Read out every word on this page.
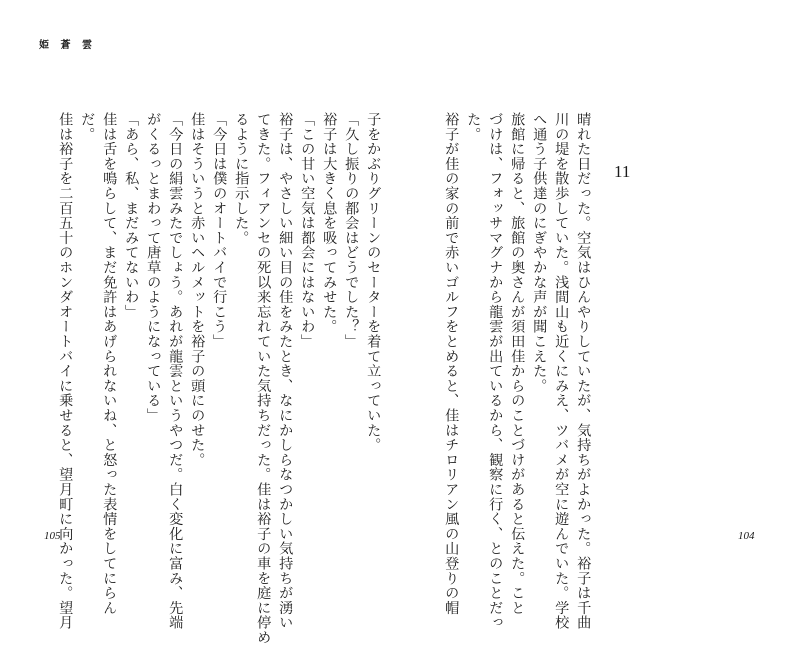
姫 蒼 雲
子をかぶりグリーンのセーターを着て立っていた。
「久し振りの都会はどうでした？」
裕子は大きく息を吸ってみせた。
「この甘い空気は都会にはないわ」
裕子は、やさしい細い目の佳をみたとき、なにかしらなつかしい気持ちが湧い
てきた。フィアンセの死以来忘れていた気持ちだった。佳は裕子の車を庭に停め
るように指示した。
「今日は僕のオートバイで行こう」
佳はそういうと赤いヘルメットを裕子の頭にのせた。
「今日の絹雲みたでしょう。あれが龍雲というやつだ。白く変化に富み、先端
がくるっとまわって唐草のようになっている」
「あら、私、まだみてないわ」
佳は舌を鳴らして、まだ免許はあげられないね、と怒った表情をしてにらん
だ。
佳は裕子を二百五十のホンダオートバイに乗せると、望月町に向かった。望月
105	晴れた日だった。空気はひんやりしていたが、気持ちがよかった。裕子は千曲
川の堤を散歩していた。浅間山も近くにみえ、ツバメが空に遊んでいた。学校
へ通う子供達のにぎやかな声が聞こえた。
旅館に帰ると、旅館の奥さんが須田佳からのことづけがあると伝えた。こと
づけは、フォッサマグナから龍雲が出ているから、観察に行く、とのことだっ
た。
裕子が佳の家の前で赤いゴルフをとめると、佳はチロリアン風の山登りの帽	11
104
